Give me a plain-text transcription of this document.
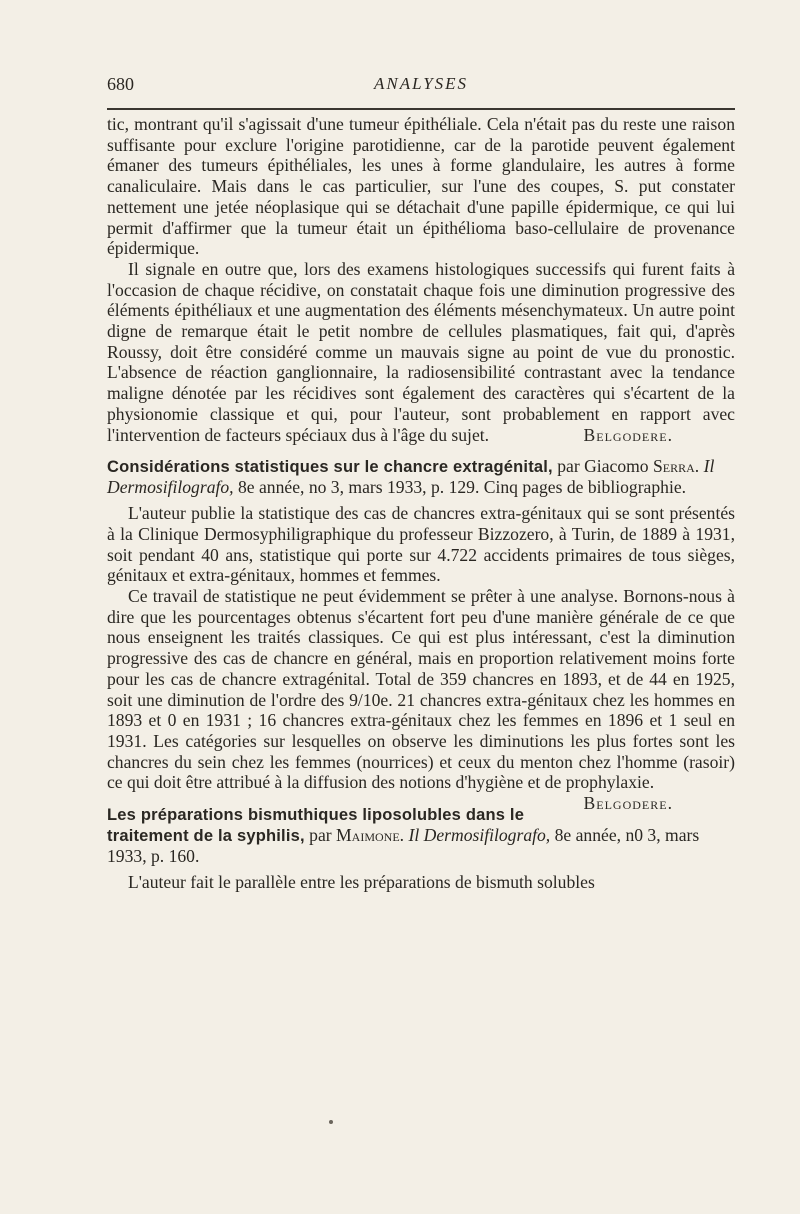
680	ANALYSES

tic, montrant qu'il s'agissait d'une tumeur épithéliale. Cela n'était pas du reste une raison suffisante pour exclure l'origine parotidienne, car de la parotide peuvent également émaner des tumeurs épithéliales, les unes à forme glandulaire, les autres à forme canaliculaire. Mais dans le cas particulier, sur l'une des coupes, S. put constater nettement une jetée néoplasique qui se détachait d'une papille épidermique, ce qui lui permit d'affirmer que la tumeur était un épithélioma baso-cellulaire de provenance épidermique.

Il signale en outre que, lors des examens histologiques successifs qui furent faits à l'occasion de chaque récidive, on constatait chaque fois une diminution progressive des éléments épithéliaux et une augmentation des éléments mésenchymateux. Un autre point digne de remarque était le petit nombre de cellules plasmatiques, fait qui, d'après Roussy, doit être considéré comme un mauvais signe au point de vue du pronostic. L'absence de réaction ganglionnaire, la radiosensibilité contrastant avec la tendance maligne dénotée par les récidives sont également des caractères qui s'écartent de la physionomie classique et qui, pour l'auteur, sont probablement en rapport avec l'intervention de facteurs spéciaux dus à l'âge du sujet.	Belgodere.

Considérations statistiques sur le chancre extragénital, par Giacomo Serra. Il Dermosifilografo, 8e année, no 3, mars 1933, p. 129. Cinq pages de bibliographie.

L'auteur publie la statistique des cas de chancres extra-génitaux qui se sont présentés à la Clinique Dermosyphiligraphique du professeur Bizzozero, à Turin, de 1889 à 1931, soit pendant 40 ans, statistique qui porte sur 4.722 accidents primaires de tous sièges, génitaux et extra-génitaux, hommes et femmes.

Ce travail de statistique ne peut évidemment se prêter à une analyse. Bornons-nous à dire que les pourcentages obtenus s'écartent fort peu d'une manière générale de ce que nous enseignent les traités classiques. Ce qui est plus intéressant, c'est la diminution progressive des cas de chancre en général, mais en proportion relativement moins forte pour les cas de chancre extragénital. Total de 359 chancres en 1893, et de 44 en 1925, soit une diminution de l'ordre des 9/10e. 21 chancres extra-génitaux chez les hommes en 1893 et 0 en 1931 ; 16 chancres extra-génitaux chez les femmes en 1896 et 1 seul en 1931. Les catégories sur lesquelles on observe les diminutions les plus fortes sont les chancres du sein chez les femmes (nourrices) et ceux du menton chez l'homme (rasoir) ce qui doit être attribué à la diffusion des notions d'hygiène et de prophylaxie.
Belgodere.

Les préparations bismuthiques liposolubles dans le traitement de la syphilis, par Maimone. Il Dermosifilografo, 8e année, n0 3, mars 1933, p. 160.

L'auteur fait le parallèle entre les préparations de bismuth solubles
